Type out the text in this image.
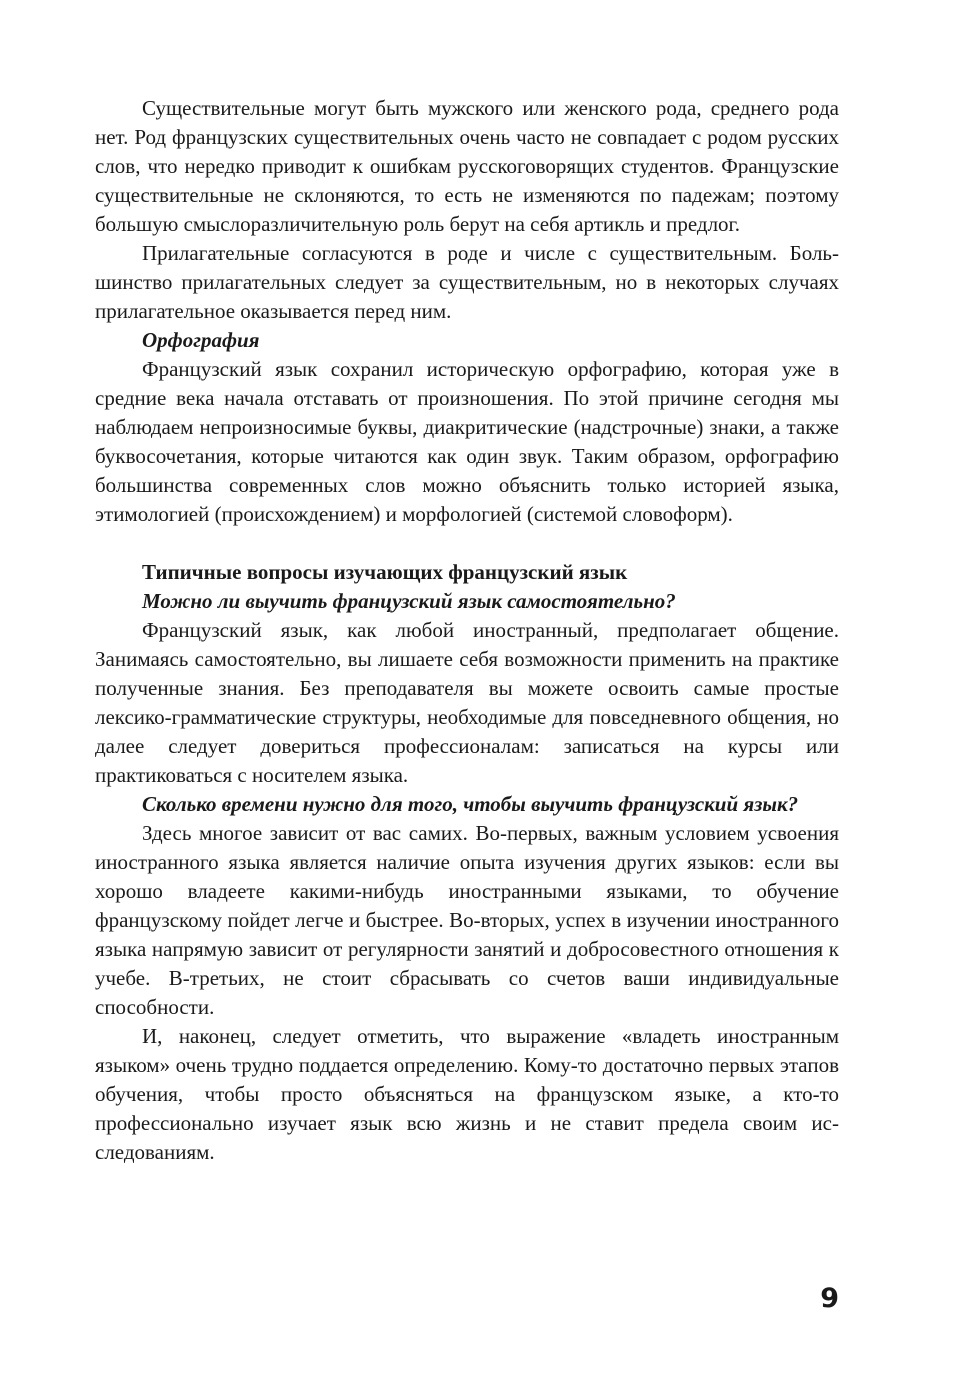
Существительные могут быть мужского или женского рода, среднего рода нет. Род французских существительных очень часто не совпадает с родом русских слов, что нередко приводит к ошибкам русскоговорящих студентов. Французские существительные не склоняются, то есть не изменяются по падежам; поэтому большую смыслоразличительную роль берут на себя артикль и предлог.

Прилагательные согласуются в роде и числе с существительным. Большинство прилагательных следует за существительным, но в некоторых случаях прилагательное оказывается перед ним.

Орфография

Французский язык сохранил историческую орфографию, которая уже в средние века начала отставать от произношения. По этой причине сегодня мы наблюдаем непроизносимые буквы, диакритические (надстрочные) знаки, а также буквосочетания, которые читаются как один звук. Таким образом, орфографию большинства современных слов можно объяснить только историей языка, этимологией (происхождением) и морфологией (системой словоформ).

Типичные вопросы изучающих французский язык

Можно ли выучить французский язык самостоятельно?

Французский язык, как любой иностранный, предполагает общение. Занимаясь самостоятельно, вы лишаете себя возможности применить на практике полученные знания. Без преподавателя вы можете освоить самые простые лексико-грамматические структуры, необходимые для повседневного общения, но далее следует довериться профессионалам: записаться на курсы или практиковаться с носителем языка.

Сколько времени нужно для того, чтобы выучить французский язык?

Здесь многое зависит от вас самих. Во-первых, важным условием усвоения иностранного языка является наличие опыта изучения других языков: если вы хорошо владеете какими-нибудь иностранными языками, то обучение французскому пойдет легче и быстрее. Во-вторых, успех в изучении иностранного языка напрямую зависит от регулярности занятий и добросовестного отношения к учебе. В-третьих, не стоит сбрасывать со счетов ваши индивидуальные способности.

И, наконец, следует отметить, что выражение «владеть иностранным языком» очень трудно поддается определению. Кому-то достаточно первых этапов обучения, чтобы просто объясняться на французском языке, а кто-то профессионально изучает язык всю жизнь и не ставит предела своим исследованиям.

9
